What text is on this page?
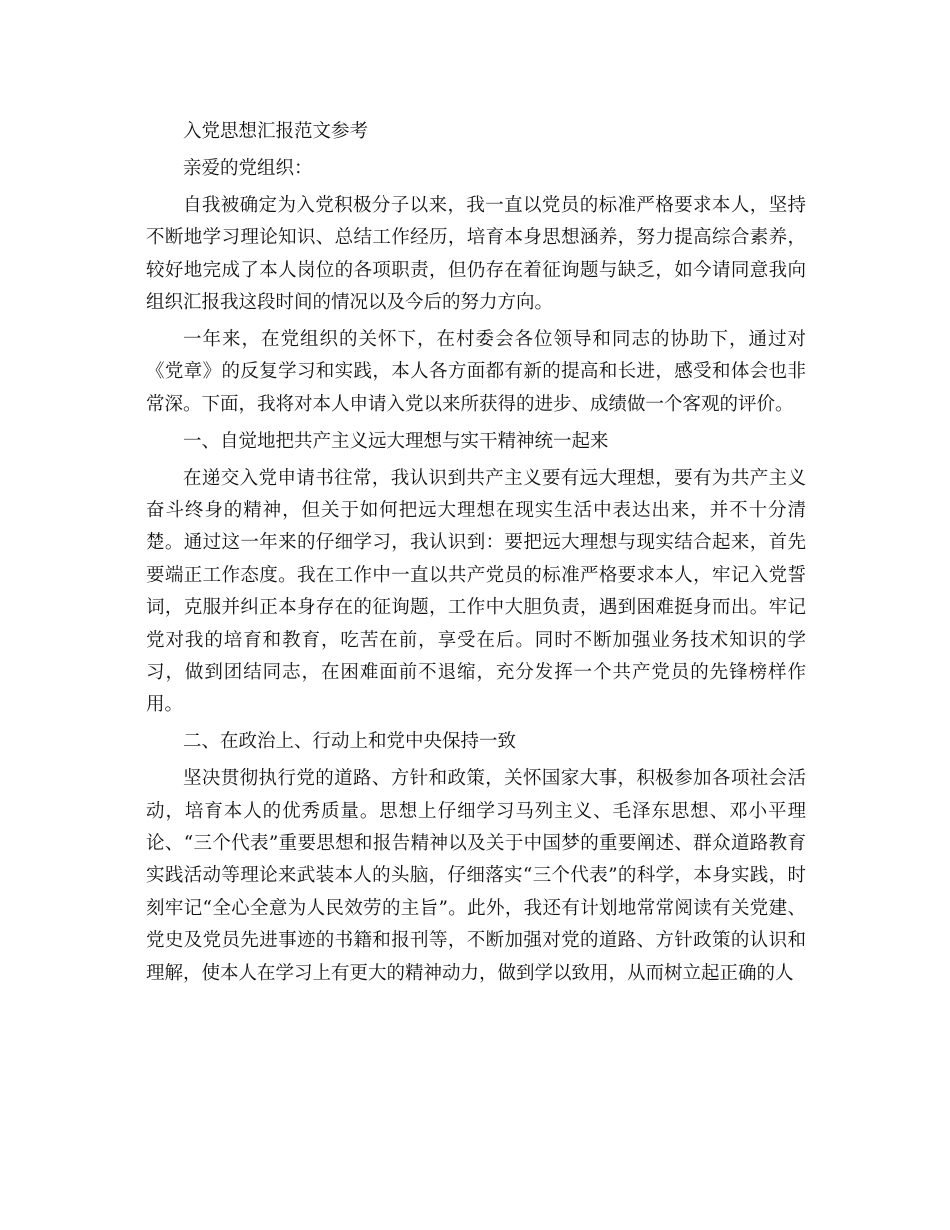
入党思想汇报范文参考

亲爱的党组织：

自我被确定为入党积极分子以来，我一直以党员的标准严格要求本人，坚持不断地学习理论知识、总结工作经历，培育本身思想涵养，努力提高综合素养，较好地完成了本人岗位的各项职责，但仍存在着征询题与缺乏，如今请同意我向组织汇报我这段时间的情况以及今后的努力方向。

一年来，在党组织的关怀下，在村委会各位领导和同志的协助下，通过对《党章》的反复学习和实践，本人各方面都有新的提高和长进，感受和体会也非常深。下面，我将对本人申请入党以来所获得的进步、成绩做一个客观的评价。

一、自觉地把共产主义远大理想与实干精神统一起来

在递交入党申请书往常，我认识到共产主义要有远大理想，要有为共产主义奋斗终身的精神，但关于如何把远大理想在现实生活中表达出来，并不十分清楚。通过这一年来的仔细学习，我认识到：要把远大理想与现实结合起来，首先要端正工作态度。我在工作中一直以共产党员的标准严格要求本人，牢记入党誓词，克服并纠正本身存在的征询题，工作中大胆负责，遇到困难挺身而出。牢记党对我的培育和教育，吃苦在前，享受在后。同时不断加强业务技术知识的学习，做到团结同志，在困难面前不退缩，充分发挥一个共产党员的先锋榜样作用。

二、在政治上、行动上和党中央保持一致

坚决贯彻执行党的道路、方针和政策，关怀国家大事，积极参加各项社会活动，培育本人的优秀质量。思想上仔细学习马列主义、毛泽东思想、邓小平理论、“三个代表”重要思想和报告精神以及关于中国梦的重要阐述、群众道路教育实践活动等理论来武装本人的头脑，仔细落实“三个代表”的科学，本身实践，时刻牢记“全心全意为人民效劳的主旨”。此外，我还有计划地常常阅读有关党建、党史及党员先进事迹的书籍和报刊等，不断加强对党的道路、方针政策的认识和理解，使本人在学习上有更大的精神动力，做到学以致用，从而树立起正确的人
